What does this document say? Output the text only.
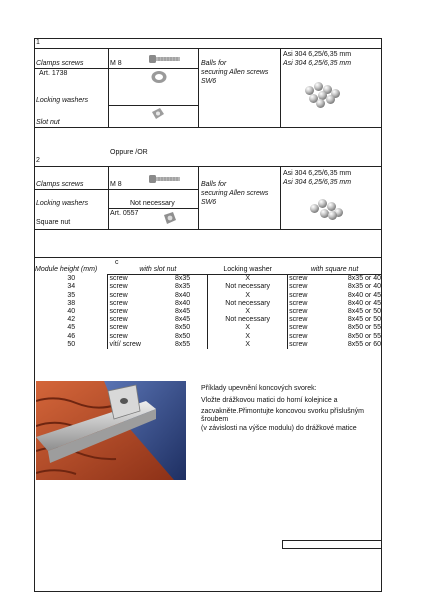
1
Clamps screws	M 8
Art. 1738
Locking washers
Slot nut
Balls for
securing Allen screws
SW6
Asi 304 6,25/6,35 mm
Asi 304 6,25/6,35 mm
Oppure /OR
2
Clamps screws	M 8
Locking washers	Not necessary
Square nut
Art. 0557
Balls for
securing Allen screws
SW6
Asi 304 6,25/6,35 mm
Asi 304 6,25/6,35 mm
c
Module height (mm)	with slot nut		Locking washer	with square nut	
30	screw	8x35	X	screw	8x35 or 40
34	screw	8x35	Not necessary	screw	8x35 or 40
35	screw	8x40	X	screw	8x40 or 45
38	screw	8x40	Not necessary	screw	8x40 or 45
40	screw	8x45	X	screw	8x45 or 50
42	screw	8x45	Not necessary	screw	8x45 or 50
45	screw	8x50	X	screw	8x50 or 55
46	screw	8x50	X	screw	8x50 or 55
50	vítí/ screw	8x55	X	screw	8x55 or 60
Příklady upevnění koncových svorek:
Vložte drážkovou matici do horní kolejnice a
zacvakněte.Přimontujte koncovou svorku příslušným
šroubem
(v závislosti na výšce modulu) do drážkové matice
